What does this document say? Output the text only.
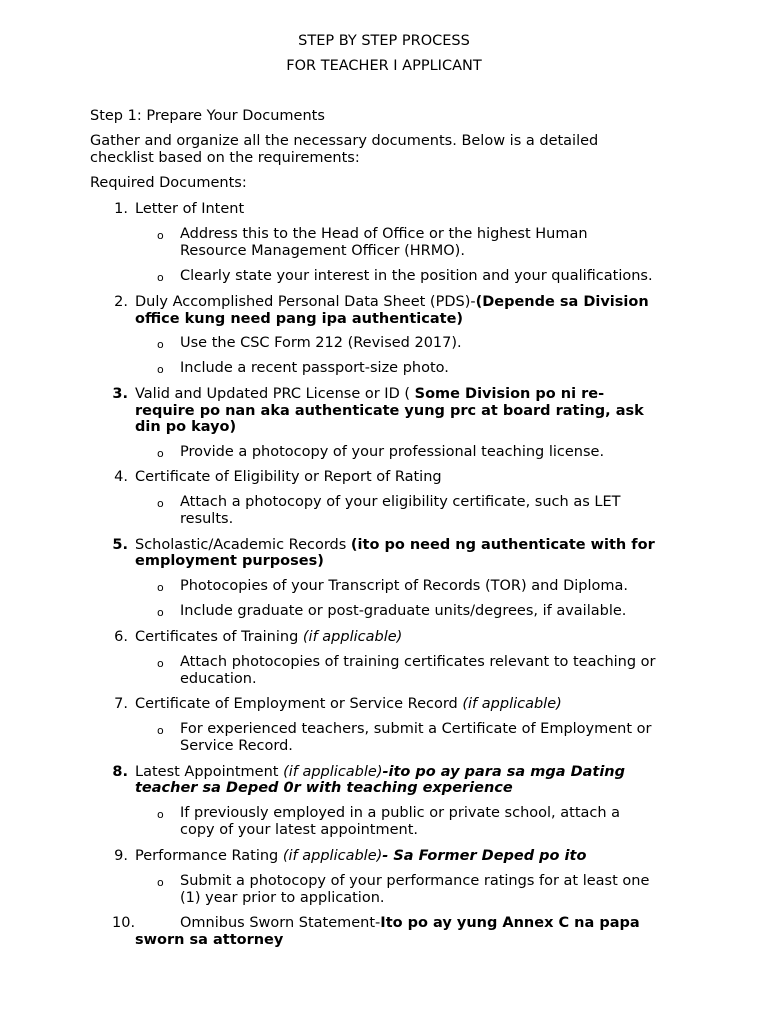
STEP BY STEP PROCESS
FOR TEACHER I APPLICANT
Step 1: Prepare Your Documents
Gather and organize all the necessary documents. Below is a detailed
checklist based on the requirements:
Required Documents:
1. Letter of Intent
o Address this to the Head of Office or the highest Human
Resource Management Officer (HRMO).
o Clearly state your interest in the position and your qualifications.
2. Duly Accomplished Personal Data Sheet (PDS)-(Depende sa Division
office kung need pang ipa authenticate)
o Use the CSC Form 212 (Revised 2017).
o Include a recent passport-size photo.
3. Valid and Updated PRC License or ID ( Some Division po ni re-
require po nan aka authenticate yung prc at board rating, ask
din po kayo)
o Provide a photocopy of your professional teaching license.
4. Certificate of Eligibility or Report of Rating
o Attach a photocopy of your eligibility certificate, such as LET
results.
5. Scholastic/Academic Records (ito po need ng authenticate with for
employment purposes)
o Photocopies of your Transcript of Records (TOR) and Diploma.
o Include graduate or post-graduate units/degrees, if available.
6. Certificates of Training (if applicable)
o Attach photocopies of training certificates relevant to teaching or
education.
7. Certificate of Employment or Service Record (if applicable)
o For experienced teachers, submit a Certificate of Employment or
Service Record.
8. Latest Appointment (if applicable)-ito po ay para sa mga Dating
teacher sa Deped 0r with teaching experience
o If previously employed in a public or private school, attach a
copy of your latest appointment.
9. Performance Rating (if applicable)- Sa Former Deped po ito
o Submit a photocopy of your performance ratings for at least one
(1) year prior to application.
10.	Omnibus Sworn Statement-Ito po ay yung Annex C na papa
sworn sa attorney
